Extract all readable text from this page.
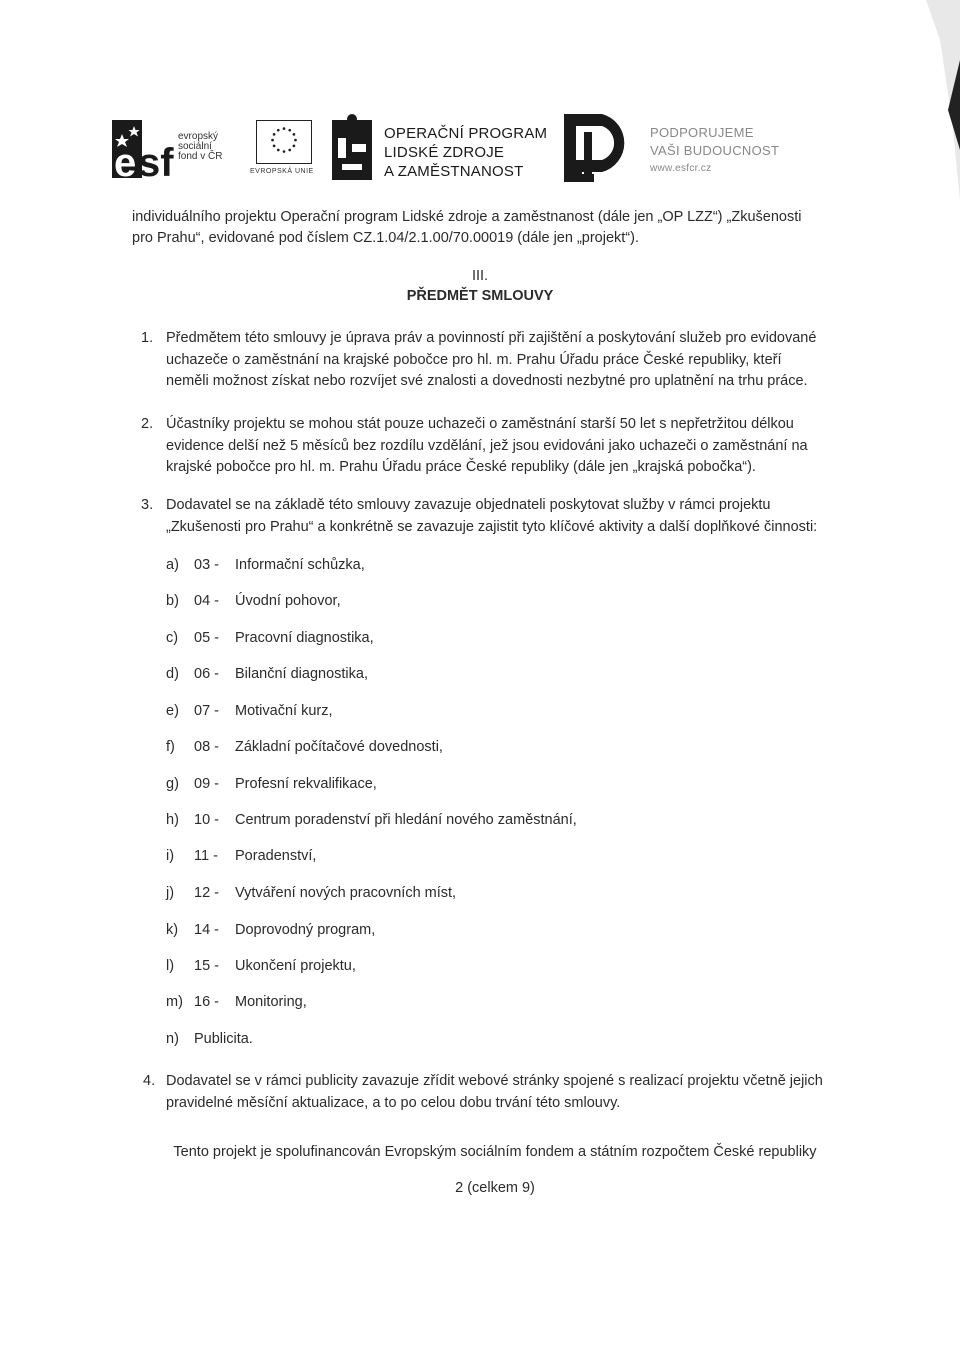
e sf
evropský
sociální
fond v ČR
EVROPSKÁ UNIE
OPERAČNÍ PROGRAM
LIDSKÉ ZDROJE
A ZAMĚSTNANOST
PODPORUJEME
VAŠI BUDOUCNOST
www.esfcr.cz
individuálního projektu Operační program Lidské zdroje a zaměstnanost (dále jen „OP LZZ“) „Zkušenosti
pro Prahu“, evidované pod číslem CZ.1.04/2.1.00/70.00019 (dále jen „projekt“).
III.
PŘEDMĚT SMLOUVY
1. Předmětem této smlouvy je úprava práv a povinností při zajištění a poskytování služeb pro evidované
uchazeče o zaměstnání na krajské pobočce pro hl. m. Prahu Úřadu práce České republiky, kteří
neměli možnost získat nebo rozvíjet své znalosti a dovednosti nezbytné pro uplatnění na trhu práce.
2. Účastníky projektu se mohou stát pouze uchazeči o zaměstnání starší 50 let s nepřetržitou délkou
evidence delší než 5 měsíců bez rozdílu vzdělání, jež jsou evidováni jako uchazeči o zaměstnání na
krajské pobočce pro hl. m. Prahu Úřadu práce České republiky (dále jen „krajská pobočka“).
3. Dodavatel se na základě této smlouvy zavazuje objednateli poskytovat služby v rámci projektu
„Zkušenosti pro Prahu“ a konkrétně se zavazuje zajistit tyto klíčové aktivity a další doplňkové činnosti:
a)	03 - Informační schůzka,
b)	04 - Úvodní pohovor,
c)	05 - Pracovní diagnostika,
d)	06 - Bilanční diagnostika,
e)	07 - Motivační kurz,
f)	08 - Základní počítačové dovednosti,
g)	09 - Profesní rekvalifikace,
h)	10 - Centrum poradenství při hledání nového zaměstnání,
i)	11 - Poradenství,
j)	12 - Vytváření nových pracovních míst,
k)	14 - Doprovodný program,
l)	15 - Ukončení projektu,
m) 16 - Monitoring,
n)	Publicita.
4. Dodavatel se v rámci publicity zavazuje zřídit webové stránky spojené s realizací projektu včetně jejich
pravidelné měsíční aktualizace, a to po celou dobu trvání této smlouvy.
Tento projekt je spolufinancován Evropským sociálním fondem a státním rozpočtem České republiky
2 (celkem 9)
